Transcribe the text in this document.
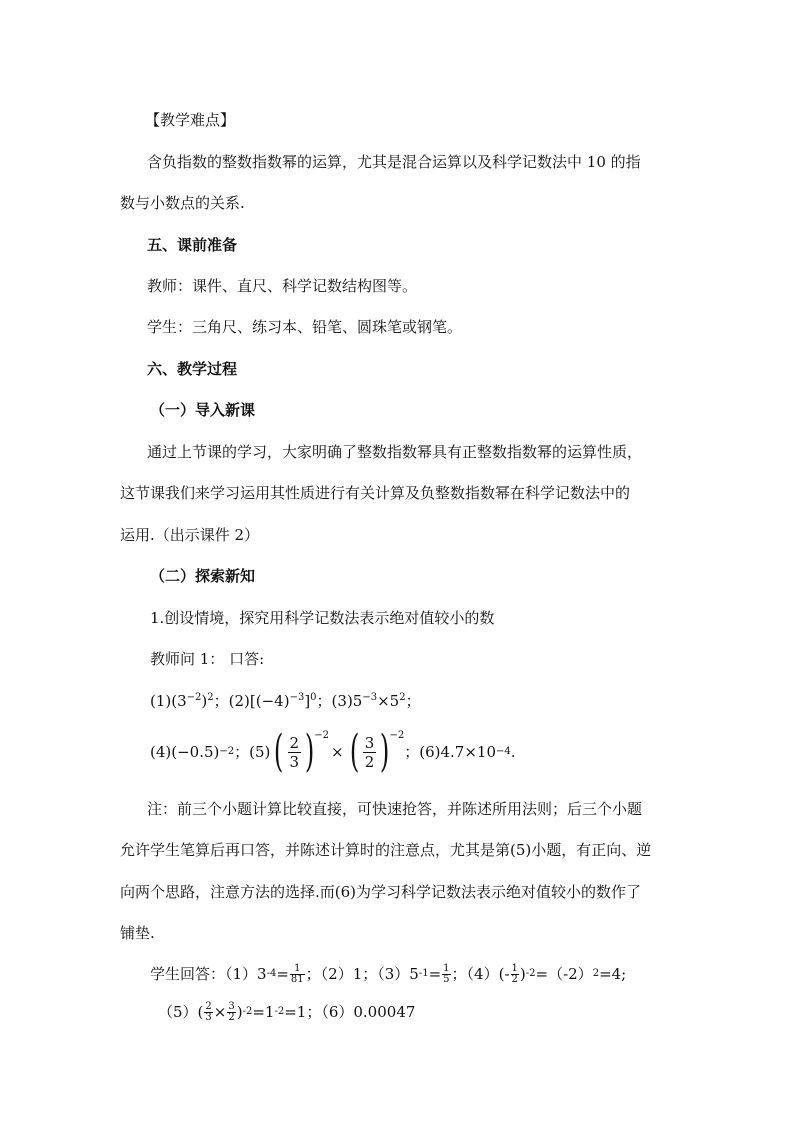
【教学难点】
含负指数的整数指数幂的运算，尤其是混合运算以及科学记数法中 10 的指
数与小数点的关系.
五、课前准备
教师：课件、直尺、科学记数结构图等。
学生：三角尺、练习本、铅笔、圆珠笔或钢笔。
六、教学过程
（一）导入新课
通过上节课的学习，大家明确了整数指数幂具有正整数指数幂的运算性质，
这节课我们来学习运用其性质进行有关计算及负整数指数幂在科学记数法中的
运用.（出示课件 2）
（二）探索新知
1.创设情境，探究用科学记数法表示绝对值较小的数
教师问 1： 口答:
$(1)(3^{-2})^2$；$(2)[(-4)^{-3}]^0$；$(3)5^{-3}\times 5^2$；
(4)(−0.5) −2 ；(5) ( $\frac{2}{3}$ ) −2
× ( $\frac{3}{2}$ ) −2
；(6)4.7×10 −4 .
注：前三个小题计算比较直接，可快速抢答，并陈述所用法则；后三个小题
允许学生笔算后再口答，并陈述计算时的注意点，尤其是第(5)小题，有正向、逆
向两个思路，注意方法的选择.而(6)为学习科学记数法表示绝对值较小的数作了
铺垫.
学生回答：（1）3 $-4 = \frac{1}{81}$ ；（2）1；（3）5 $-1 = \frac{1}{5}$ ；$(4)(- \frac{1}{2}$ ) -2 =（-2） 2 =4;
$(5)( \frac{2}{3} \times \frac{3}{2}$ ) -2 =1 -2 =1；（6）0.00047
